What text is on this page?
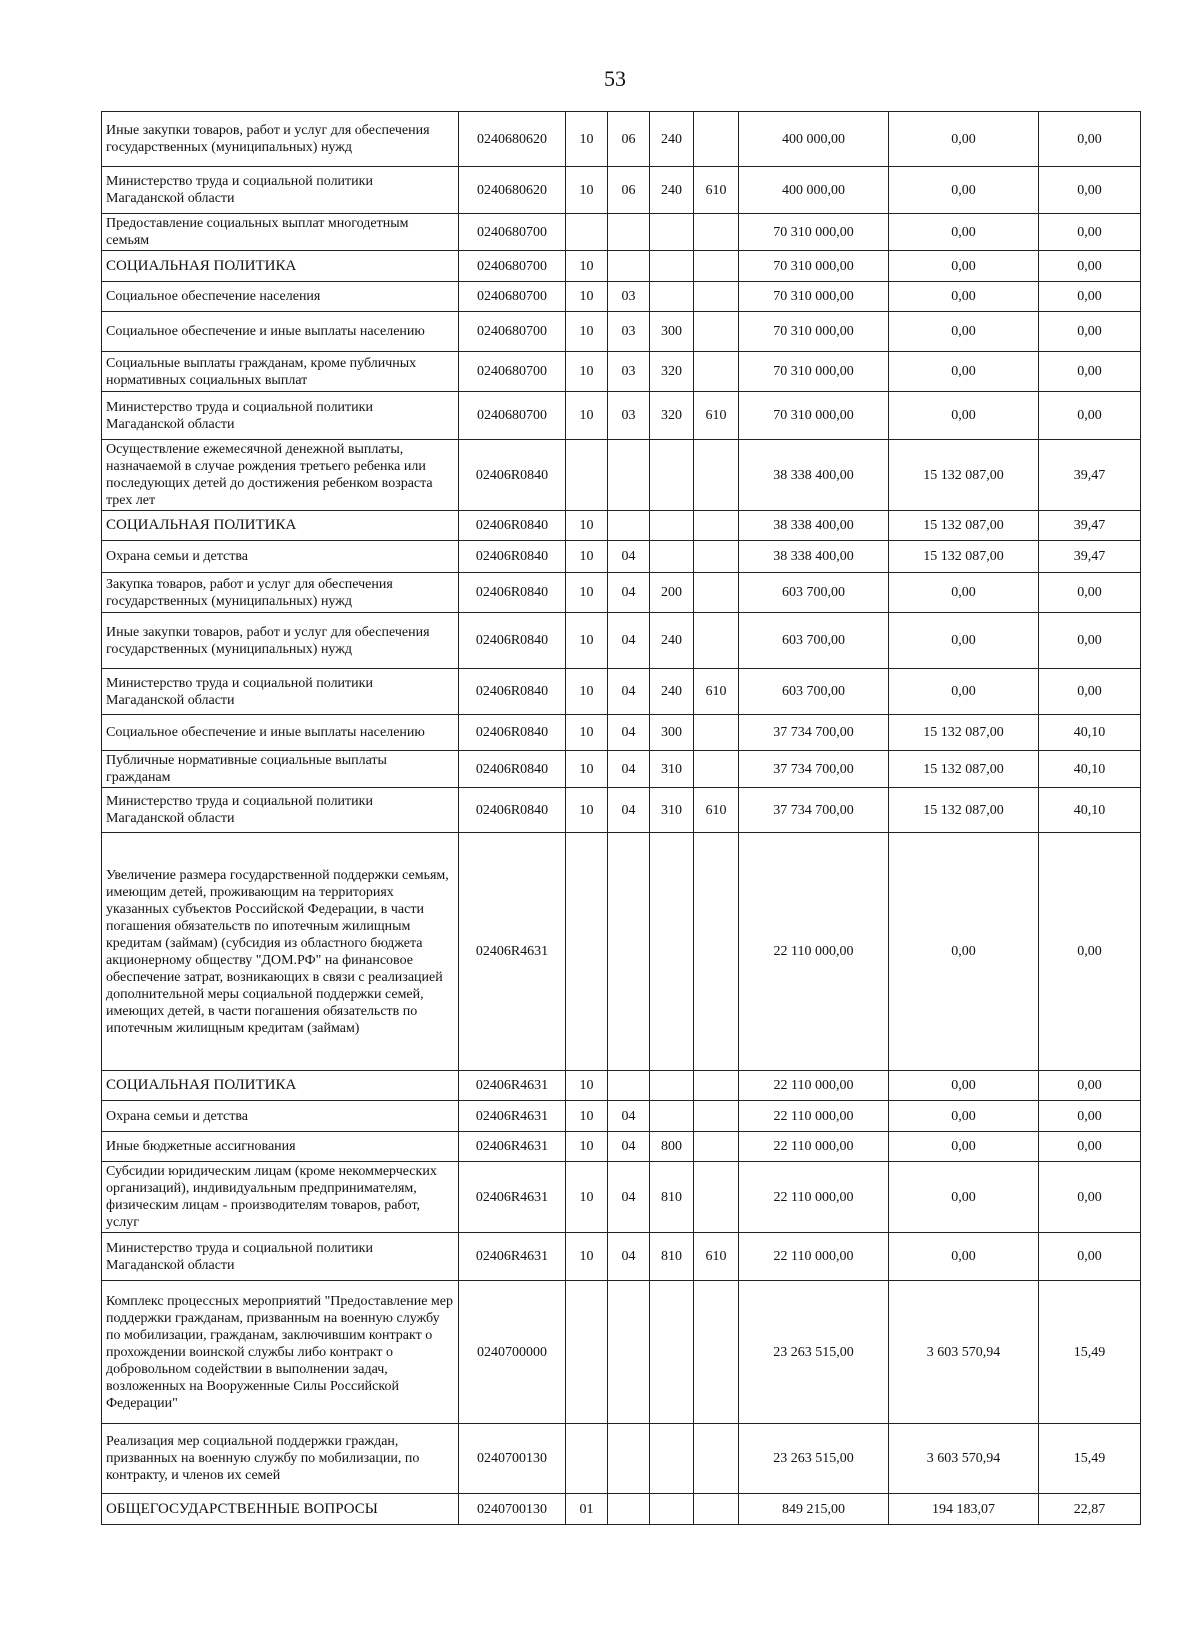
53
Иные закупки товаров, работ и услуг для обеспечения государственных (муниципальных) нужд	0240680620	10	06	240		400 000,00	0,00	0,00
Министерство труда и социальной политики Магаданской области	0240680620	10	06	240	610	400 000,00	0,00	0,00
Предоставление социальных выплат многодетным семьям	0240680700					70 310 000,00	0,00	0,00
СОЦИАЛЬНАЯ ПОЛИТИКА	0240680700	10				70 310 000,00	0,00	0,00
Социальное обеспечение населения	0240680700	10	03			70 310 000,00	0,00	0,00
Социальное обеспечение и иные выплаты населению	0240680700	10	03	300		70 310 000,00	0,00	0,00
Социальные выплаты гражданам, кроме публичных нормативных социальных выплат	0240680700	10	03	320		70 310 000,00	0,00	0,00
Министерство труда и социальной политики Магаданской области	0240680700	10	03	320	610	70 310 000,00	0,00	0,00
Осуществление ежемесячной денежной выплаты, назначаемой в случае рождения третьего ребенка или последующих детей до достижения ребенком возраста трех лет	02406R0840					38 338 400,00	15 132 087,00	39,47
СОЦИАЛЬНАЯ ПОЛИТИКА	02406R0840	10				38 338 400,00	15 132 087,00	39,47
Охрана семьи и детства	02406R0840	10	04			38 338 400,00	15 132 087,00	39,47
Закупка товаров, работ и услуг для обеспечения государственных (муниципальных) нужд	02406R0840	10	04	200		603 700,00	0,00	0,00
Иные закупки товаров, работ и услуг для обеспечения государственных (муниципальных) нужд	02406R0840	10	04	240		603 700,00	0,00	0,00
Министерство труда и социальной политики Магаданской области	02406R0840	10	04	240	610	603 700,00	0,00	0,00
Социальное обеспечение и иные выплаты населению	02406R0840	10	04	300		37 734 700,00	15 132 087,00	40,10
Публичные нормативные социальные выплаты гражданам	02406R0840	10	04	310		37 734 700,00	15 132 087,00	40,10
Министерство труда и социальной политики Магаданской области	02406R0840	10	04	310	610	37 734 700,00	15 132 087,00	40,10
Увеличение размера государственной поддержки семьям, имеющим детей, проживающим на территориях указанных субъектов Российской Федерации, в части погашения обязательств по ипотечным жилищным кредитам (займам) (субсидия из областного бюджета акционерному обществу "ДОМ.РФ" на финансовое обеспечение затрат, возникающих в связи с реализацией дополнительной меры социальной поддержки семей, имеющих детей, в части погашения обязательств по ипотечным жилищным кредитам (займам)	02406R4631					22 110 000,00	0,00	0,00
СОЦИАЛЬНАЯ ПОЛИТИКА	02406R4631	10				22 110 000,00	0,00	0,00
Охрана семьи и детства	02406R4631	10	04			22 110 000,00	0,00	0,00
Иные бюджетные ассигнования	02406R4631	10	04	800		22 110 000,00	0,00	0,00
Субсидии юридическим лицам (кроме некоммерческих организаций), индивидуальным предпринимателям, физическим лицам - производителям товаров, работ, услуг	02406R4631	10	04	810		22 110 000,00	0,00	0,00
Министерство труда и социальной политики Магаданской области	02406R4631	10	04	810	610	22 110 000,00	0,00	0,00
Комплекс процессных мероприятий "Предоставление мер поддержки гражданам, призванным на военную службу по мобилизации, гражданам, заключившим контракт о прохождении воинской службы либо контракт о добровольном содействии в выполнении задач, возложенных на Вооруженные Силы Российской Федерации"	0240700000					23 263 515,00	3 603 570,94	15,49
Реализация мер социальной поддержки граждан, призванных на военную службу по мобилизации, по контракту, и членов их семей	0240700130					23 263 515,00	3 603 570,94	15,49
ОБЩЕГОСУДАРСТВЕННЫЕ ВОПРОСЫ	0240700130	01				849 215,00	194 183,07	22,87
